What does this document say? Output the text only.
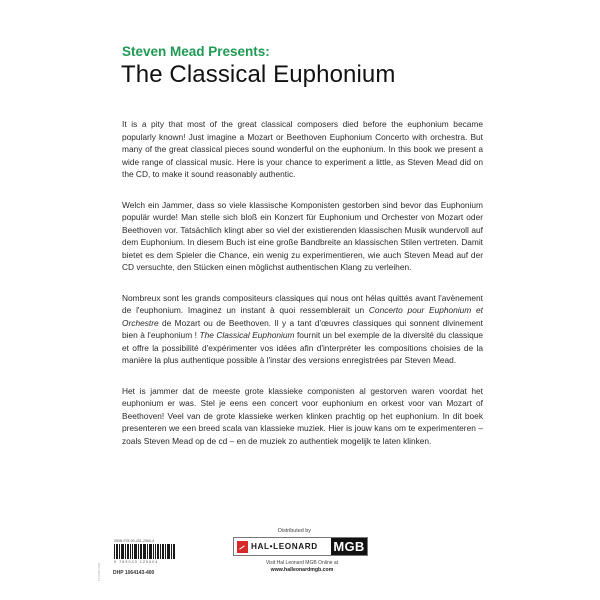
Steven Mead Presents:
The Classical Euphonium

It is a pity that most of the great classical composers died before the euphonium became popularly known! Just imagine a Mozart or Beethoven Euphonium Concerto with orchestra. But many of the great classical pieces sound wonderful on the euphonium. In this book we present a wide range of classical music. Here is your chance to experiment a little, as Steven Mead did on the CD, to make it sound reasonably authentic.

Welch ein Jammer, dass so viele klassische Komponisten gestorben sind bevor das Euphonium populär wurde! Man stelle sich bloß ein Konzert für Euphonium und Orchester von Mozart oder Beethoven vor. Tatsächlich klingt aber so viel der existierenden klassischen Musik wundervoll auf dem Euphonium. In diesem Buch ist eine große Bandbreite an klassischen Stilen vertreten. Damit bietet es dem Spieler die Chance, ein wenig zu experimentieren, wie auch Steven Mead auf der CD versuchte, den Stücken einen möglichst authentischen Klang zu verleihen.

Nombreux sont les grands compositeurs classiques qui nous ont hélas quittés avant l'avènement de l'euphonium. Imaginez un instant à quoi ressemblerait un Concerto pour Euphonium et Orchestre de Mozart ou de Beethoven. Il y a tant d'œuvres classiques qui sonnent divinement bien à l'euphonium ! The Classical Euphonium fournit un bel exemple de la diversité du classique et offre la possibilité d'expérimenter vos idées afin d'interpréter les compositions choisies de la manière la plus authentique possible à l'instar des versions enregistrées par Steven Mead.

Het is jammer dat de meeste grote klassieke componisten al gestorven waren voordat het euphonium er was. Stel je eens een concert voor euphonium en orkest voor van Mozart of Beethoven! Veel van de grote klassieke werken klinken prachtig op het euphonium. In dit boek presenteren we een breed scala van klassieke muziek. Hier is jouw kans om te experimenteren – zoals Steven Mead op de cd – en de muziek zo authentiek mogelijk te laten klinken.

ISBN 978-90-431-2560-4
9 789043 125604
DHP 1064143-400
DHP1064143
Distributed by
HAL•LEONARD MGB
Visit Hal Leonard MGB Online at
www.halleonardmgb.com
